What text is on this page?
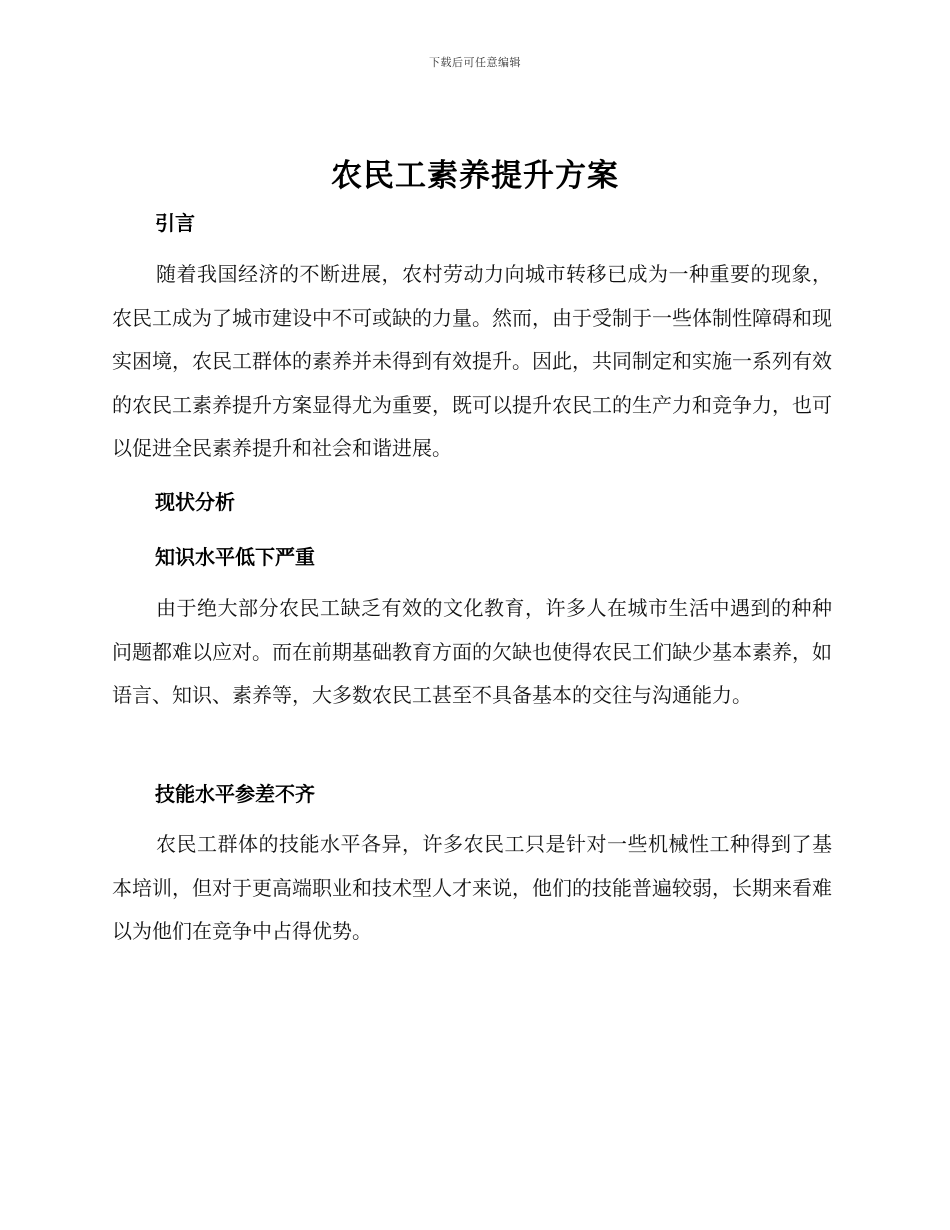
下载后可任意编辑
农民工素养提升方案
引言
随着我国经济的不断进展，农村劳动力向城市转移已成为一种重要的现象，农民工成为了城市建设中不可或缺的力量。然而，由于受制于一些体制性障碍和现实困境，农民工群体的素养并未得到有效提升。因此，共同制定和实施一系列有效的农民工素养提升方案显得尤为重要，既可以提升农民工的生产力和竞争力，也可以促进全民素养提升和社会和谐进展。
现状分析
知识水平低下严重
由于绝大部分农民工缺乏有效的文化教育，许多人在城市生活中遇到的种种问题都难以应对。而在前期基础教育方面的欠缺也使得农民工们缺少基本素养，如语言、知识、素养等，大多数农民工甚至不具备基本的交往与沟通能力。
技能水平参差不齐
农民工群体的技能水平各异，许多农民工只是针对一些机械性工种得到了基本培训，但对于更高端职业和技术型人才来说，他们的技能普遍较弱，长期来看难以为他们在竞争中占得优势。
